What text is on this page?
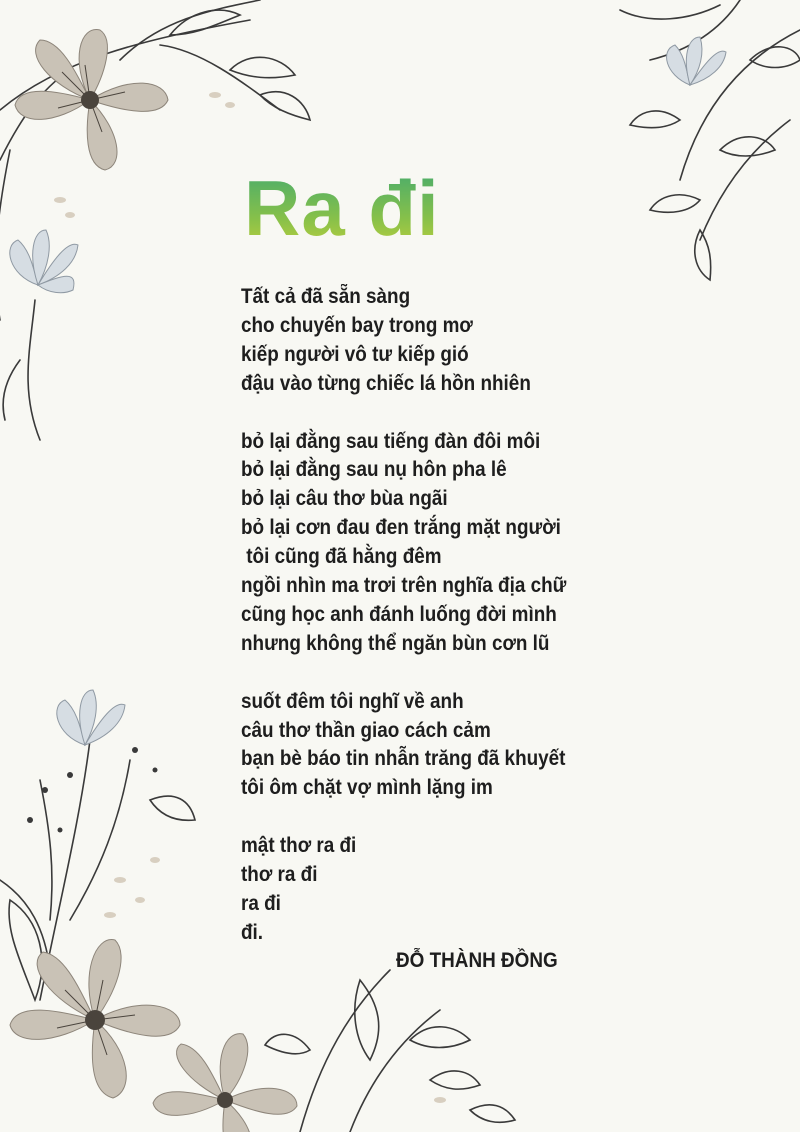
Ra đi
Tất cả đã sẵn sàng
cho chuyến bay trong mơ
kiếp người vô tư kiếp gió
đậu vào từng chiếc lá hồn nhiên
bỏ lại đằng sau tiếng đàn đôi môi
bỏ lại đằng sau nụ hôn pha lê
bỏ lại câu thơ bùa ngãi
bỏ lại cơn đau đen trắng mặt người
tôi cũng đã hằng đêm
ngồi nhìn ma trơi trên nghĩa địa chữ
cũng học anh đánh luống đời mình
nhưng không thể ngăn bùn cơn lũ
suốt đêm tôi nghĩ về anh
câu thơ thần giao cách cảm
bạn bè báo tin nhẫn trăng đã khuyết
tôi ôm chặt vợ mình lặng im
mật thơ ra đi
thơ ra đi
ra đi
đi.
ĐỖ THÀNH ĐỒNG
